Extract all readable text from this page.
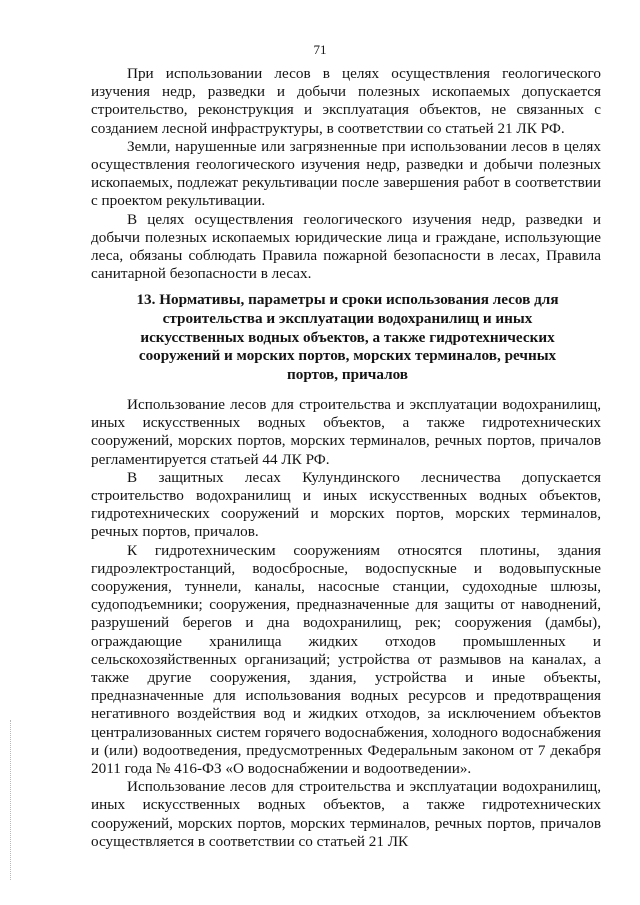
71

При использовании лесов в целях осуществления геологического изучения недр, разведки и добычи полезных ископаемых допускается строительство, реконструкция и эксплуатация объектов, не связанных с созданием лесной инфраструктуры, в соответствии со статьей 21 ЛК РФ.

Земли, нарушенные или загрязненные при использовании лесов в целях осуществления геологического изучения недр, разведки и добычи полезных ископаемых, подлежат рекультивации после завершения работ в соответствии с проектом рекультивации.

В целях осуществления геологического изучения недр, разведки и добычи полезных ископаемых юридические лица и граждане, использующие леса, обязаны соблюдать Правила пожарной безопасности в лесах, Правила санитарной безопасности в лесах.

13. Нормативы, параметры и сроки использования лесов для строительства и эксплуатации водохранилищ и иных искусственных водных объектов, а также гидротехнических сооружений и морских портов, морских терминалов, речных портов, причалов

Использование лесов для строительства и эксплуатации водохранилищ, иных искусственных водных объектов, а также гидротехнических сооружений, морских портов, морских терминалов, речных портов, причалов регламентируется статьей 44 ЛК РФ.

В защитных лесах Кулундинского лесничества допускается строительство водохранилищ и иных искусственных водных объектов, гидротехнических сооружений и морских портов, морских терминалов, речных портов, причалов.

К гидротехническим сооружениям относятся плотины, здания гидроэлектростанций, водосбросные, водоспускные и водовыпускные сооружения, туннели, каналы, насосные станции, судоходные шлюзы, судоподъемники; сооружения, предназначенные для защиты от наводнений, разрушений берегов и дна водохранилищ, рек; сооружения (дамбы), ограждающие хранилища жидких отходов промышленных и сельскохозяйственных организаций; устройства от размывов на каналах, а также другие сооружения, здания, устройства и иные объекты, предназначенные для использования водных ресурсов и предотвращения негативного воздействия вод и жидких отходов, за исключением объектов централизованных систем горячего водоснабжения, холодного водоснабжения и (или) водоотведения, предусмотренных Федеральным законом от 7 декабря 2011 года № 416-ФЗ «О водоснабжении и водоотведении».

Использование лесов для строительства и эксплуатации водохранилищ, иных искусственных водных объектов, а также гидротехнических сооружений, морских портов, морских терминалов, речных портов, причалов осуществляется в соответствии со статьей 21 ЛК
